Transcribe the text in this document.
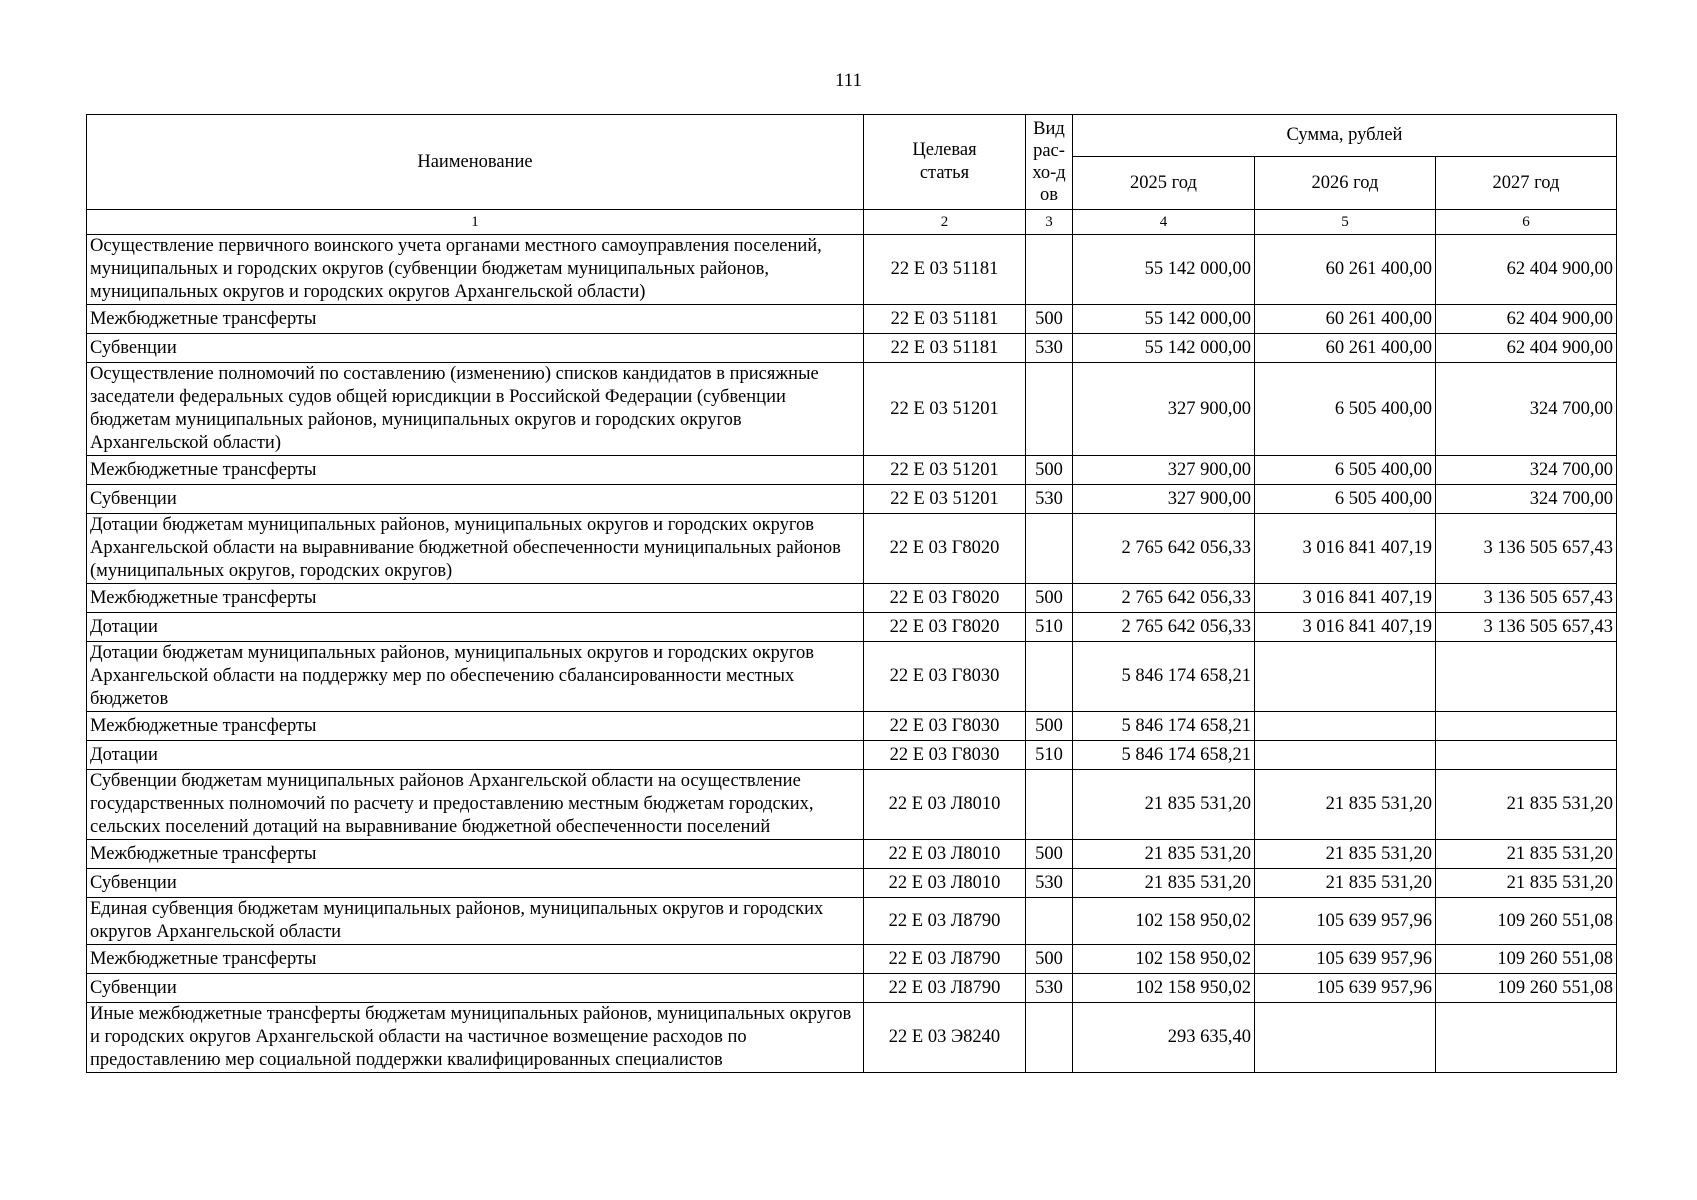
111
Наименование	Целевая статья	Вид рас-хо-дов	Сумма, рублей		
			2025 год	2026 год	2027 год
1	2	3	4	5	6
Осуществление первичного воинского учета органами местного самоуправления поселений, муниципальных и городских округов (субвенции бюджетам муниципальных районов, муниципальных округов и городских округов Архангельской области)	22 Е 03 51181		55 142 000,00	60 261 400,00	62 404 900,00
Межбюджетные трансферты	22 Е 03 51181	500	55 142 000,00	60 261 400,00	62 404 900,00
Субвенции	22 Е 03 51181	530	55 142 000,00	60 261 400,00	62 404 900,00
Осуществление полномочий по составлению (изменению) списков кандидатов в присяжные заседатели федеральных судов общей юрисдикции в Российской Федерации (субвенции бюджетам муниципальных районов, муниципальных округов и городских округов Архангельской области)	22 Е 03 51201		327 900,00	6 505 400,00	324 700,00
Межбюджетные трансферты	22 Е 03 51201	500	327 900,00	6 505 400,00	324 700,00
Субвенции	22 Е 03 51201	530	327 900,00	6 505 400,00	324 700,00
Дотации бюджетам муниципальных районов, муниципальных округов и городских округов Архангельской области на выравнивание бюджетной обеспеченности муниципальных районов (муниципальных округов, городских округов)	22 Е 03 Г8020		2 765 642 056,33	3 016 841 407,19	3 136 505 657,43
Межбюджетные трансферты	22 Е 03 Г8020	500	2 765 642 056,33	3 016 841 407,19	3 136 505 657,43
Дотации	22 Е 03 Г8020	510	2 765 642 056,33	3 016 841 407,19	3 136 505 657,43
Дотации бюджетам муниципальных районов, муниципальных округов и городских округов Архангельской области на поддержку мер по обеспечению сбалансированности местных бюджетов	22 Е 03 Г8030		5 846 174 658,21		
Межбюджетные трансферты	22 Е 03 Г8030	500	5 846 174 658,21		
Дотации	22 Е 03 Г8030	510	5 846 174 658,21		
Субвенции бюджетам муниципальных районов Архангельской области на осуществление государственных полномочий по расчету и предоставлению местным бюджетам городских, сельских поселений дотаций на выравнивание бюджетной обеспеченности поселений	22 Е 03 Л8010		21 835 531,20	21 835 531,20	21 835 531,20
Межбюджетные трансферты	22 Е 03 Л8010	500	21 835 531,20	21 835 531,20	21 835 531,20
Субвенции	22 Е 03 Л8010	530	21 835 531,20	21 835 531,20	21 835 531,20
Единая субвенция бюджетам муниципальных районов, муниципальных округов и городских округов Архангельской области	22 Е 03 Л8790		102 158 950,02	105 639 957,96	109 260 551,08
Межбюджетные трансферты	22 Е 03 Л8790	500	102 158 950,02	105 639 957,96	109 260 551,08
Субвенции	22 Е 03 Л8790	530	102 158 950,02	105 639 957,96	109 260 551,08
Иные межбюджетные трансферты бюджетам муниципальных районов, муниципальных округов и городских округов Архангельской области на частичное возмещение расходов по предоставлению мер социальной поддержки квалифицированных специалистов	22 Е 03 Э8240		293 635,40		
